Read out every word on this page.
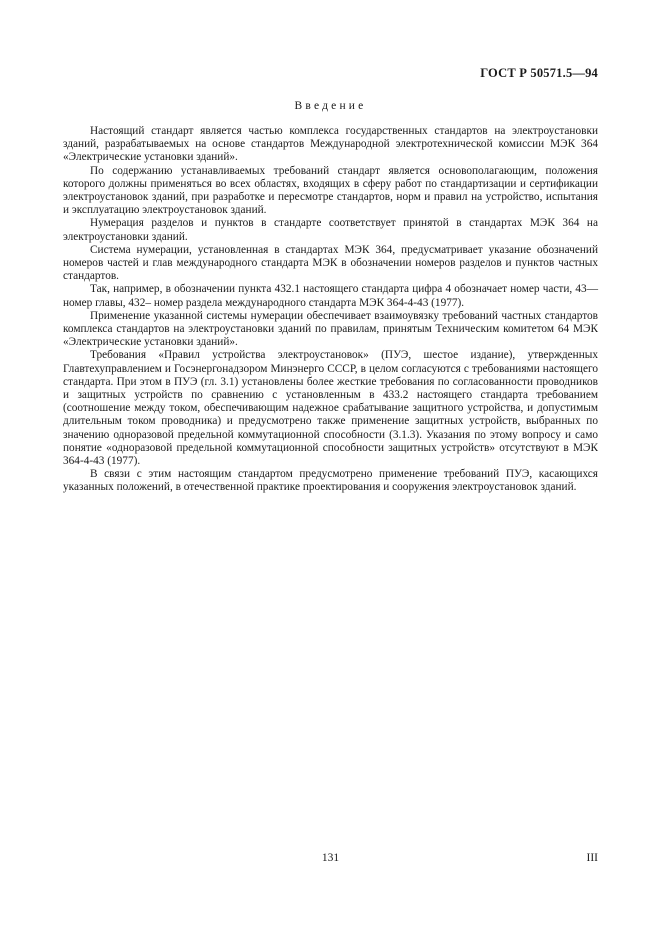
ГОСТ Р 50571.5—94
Введение

Настоящий стандарт является частью комплекса государственных стандартов на электроустановки зданий, разрабатываемых на основе стандартов Международной электротехнической комиссии МЭК 364 «Электрические установки зданий».

По содержанию устанавливаемых требований стандарт является основополагающим, положения которого должны применяться во всех областях, входящих в сферу работ по стандартизации и сертификации электроустановок зданий, при разработке и пересмотре стандартов, норм и правил на устройство, испытания и эксплуатацию электроустановок зданий.

Нумерация разделов и пунктов в стандарте соответствует принятой в стандартах МЭК 364 на электроустановки зданий.

Система нумерации, установленная в стандартах МЭК 364, предусматривает указание обозначений номеров частей и глав международного стандарта МЭК в обозначении номеров разделов и пунктов частных стандартов.

Так, например, в обозначении пункта 432.1 настоящего стандарта цифра 4 обозначает номер части, 43— номер главы, 432– номер раздела международного стандарта МЭК 364-4-43 (1977).

Применение указанной системы нумерации обеспечивает взаимоувязку требований частных стандартов комплекса стандартов на электроустановки зданий по правилам, принятым Техническим комитетом 64 МЭК «Электрические установки зданий».

Требования «Правил устройства электроустановок» (ПУЭ, шестое издание), утвержденных Главтехуправлением и Госэнергонадзором Минэнерго СССР, в целом согласуются с требованиями настоящего стандарта. При этом в ПУЭ (гл. 3.1) установлены более жесткие требования по согласованности проводников и защитных устройств по сравнению с установленным в 433.2 настоящего стандарта требованием (соотношение между током, обеспечивающим надежное срабатывание защитного устройства, и допустимым длительным током проводника) и предусмотрено также применение защитных устройств, выбранных по значению одноразовой предельной коммутационной способности (3.1.3). Указания по этому вопросу и само понятие «одноразовой предельной коммутационной способности защитных устройств» отсутствуют в МЭК 364-4-43 (1977).

В связи с этим настоящим стандартом предусмотрено применение требований ПУЭ, касающихся указанных положений, в отечественной практике проектирования и сооружения электроустановок зданий.

131	III
